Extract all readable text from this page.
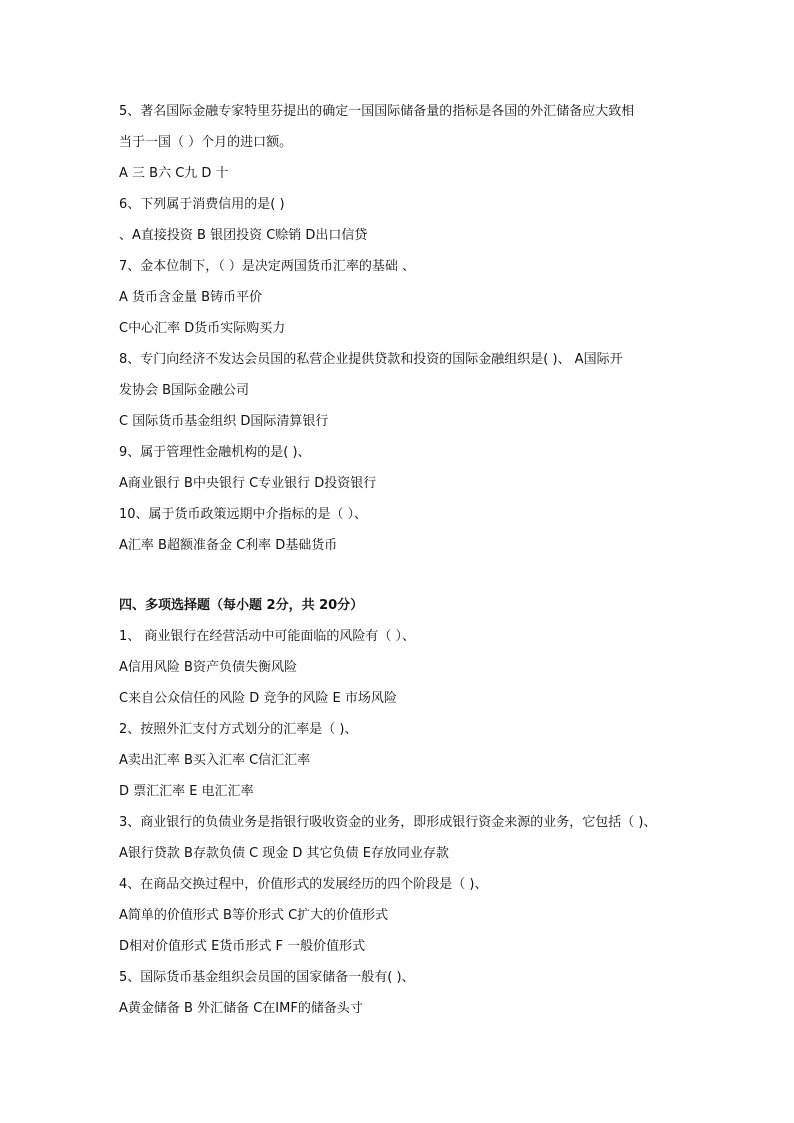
5、著名国际金融专家特里芬提出的确定一国国际储备量的指标是各国的外汇储备应大致相
当于一国（ ）个月的进口额。
A 三 B六 C九 D 十
6、下列属于消费信用的是( )
、A直接投资 B 银团投资 C赊销 D出口信贷
7、金本位制下，（ ）是决定两国货币汇率的基础 、
A 货币含金量 B铸币平价
C中心汇率 D货币实际购买力
8、专门向经济不发达会员国的私营企业提供贷款和投资的国际金融组织是( )、 A国际开
发协会 B国际金融公司
C 国际货币基金组织 D国际清算银行
9、属于管理性金融机构的是( )、
A商业银行 B中央银行 C专业银行 D投资银行
10、属于货币政策远期中介指标的是（ ）、
A汇率 B超额准备金 C利率 D基础货币
四、多项选择题（每小题 2分，共 20分）
1、 商业银行在经营活动中可能面临的风险有（ ）、
A信用风险 B资产负债失衡风险
C来自公众信任的风险 D 竞争的风险 E 市场风险
2、按照外汇支付方式划分的汇率是（ )、
A卖出汇率 B买入汇率 C信汇汇率
D 票汇汇率 E 电汇汇率
3、商业银行的负债业务是指银行吸收资金的业务，即形成银行资金来源的业务，它包括（ )、
A银行贷款 B存款负债 C 现金 D 其它负债 E存放同业存款
4、在商品交换过程中，价值形式的发展经历的四个阶段是（ )、
A简单的价值形式 B等价形式 C扩大的价值形式
D相对价值形式 E货币形式 F 一般价值形式
5、国际货币基金组织会员国的国家储备一般有( )、
A黄金储备 B 外汇储备 C在IMF的储备头寸
